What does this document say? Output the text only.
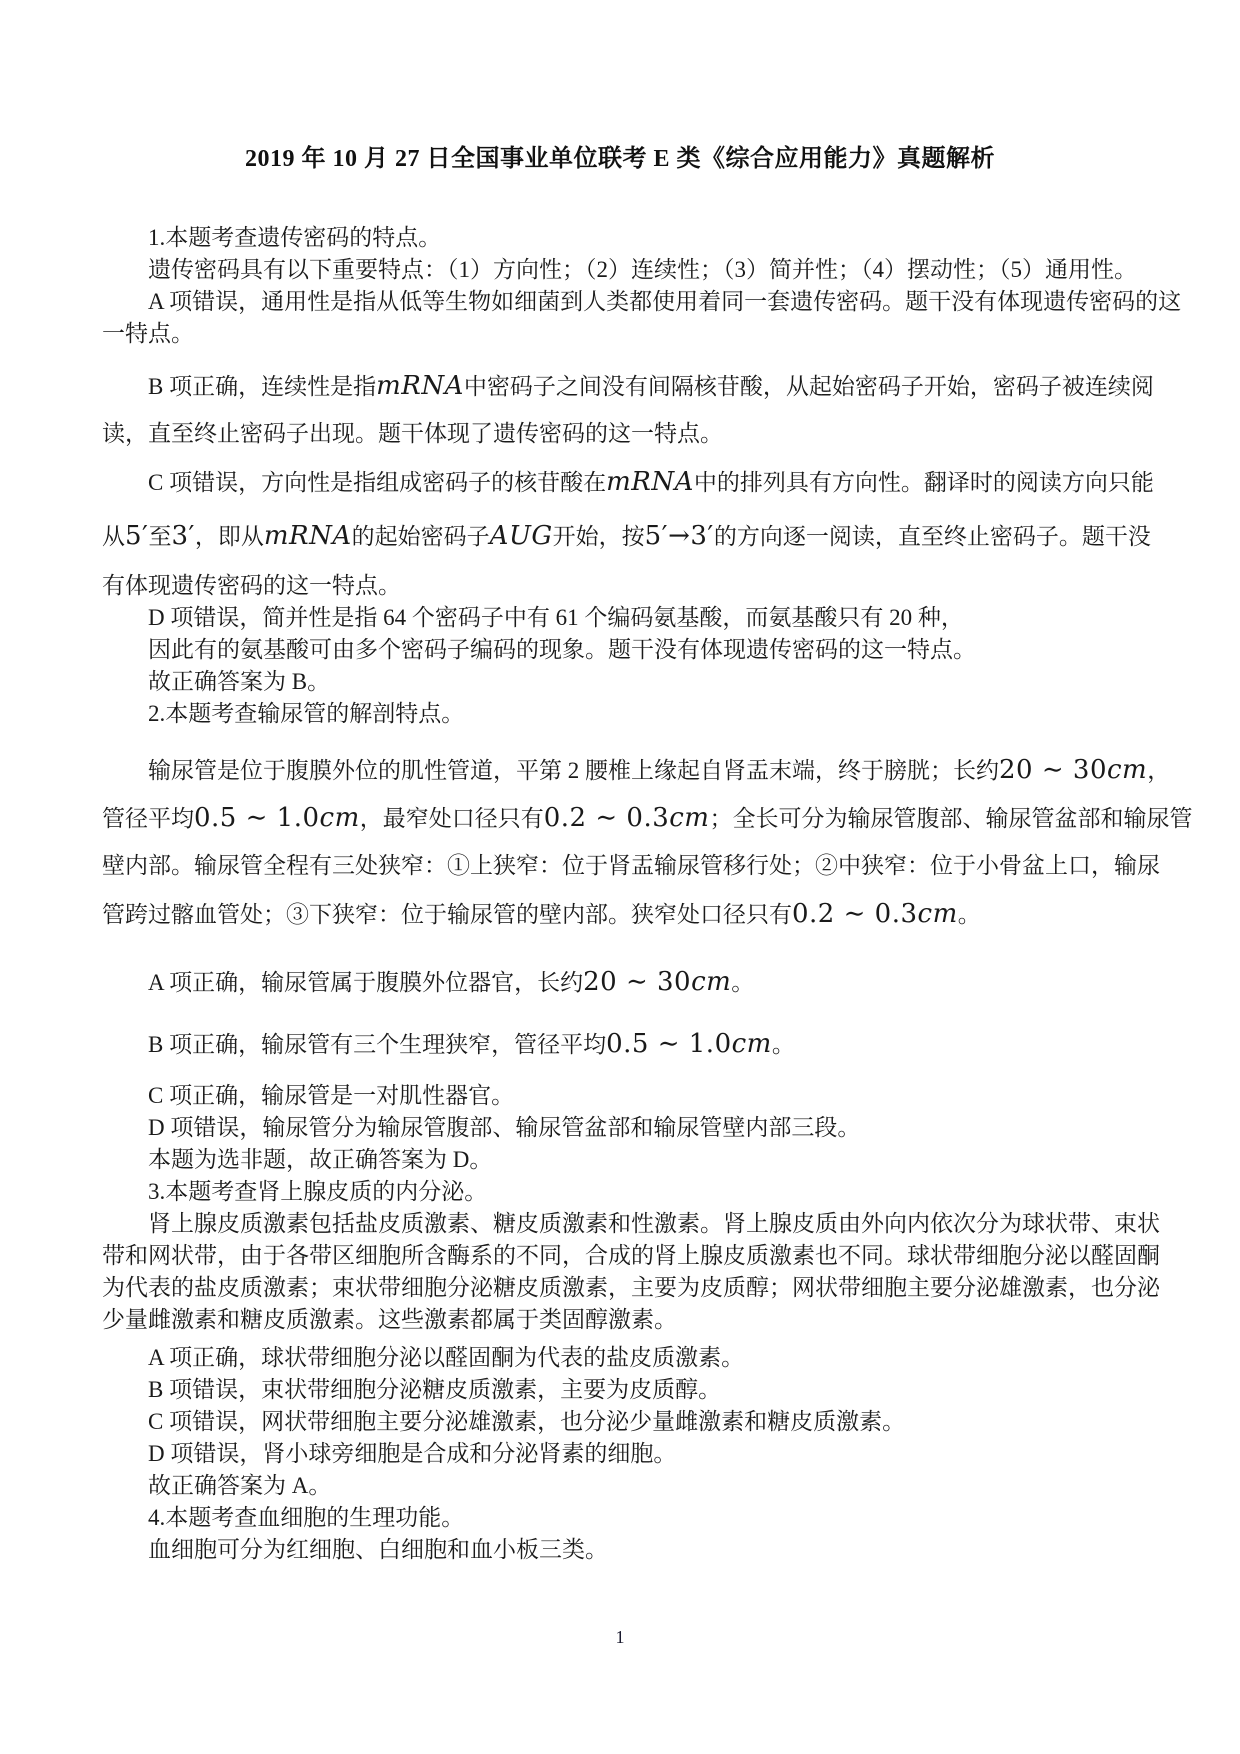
2019 年 10 月 27 日全国事业单位联考 E 类《综合应用能力》真题解析

1.本题考查遗传密码的特点。

遗传密码具有以下重要特点：（1）方向性；（2）连续性；（3）简并性；（4）摆动性；（5）通用性。

A 项错误，通用性是指从低等生物如细菌到人类都使用着同一套遗传密码。题干没有体现遗传密码的这

一特点。

B 项正确，连续性是指mRNA中密码子之间没有间隔核苷酸，从起始密码子开始，密码子被连续阅

读，直至终止密码子出现。题干体现了遗传密码的这一特点。

C 项错误，方向性是指组成密码子的核苷酸在mRNA中的排列具有方向性。翻译时的阅读方向只能

从5′至3′，即从mRNA的起始密码子AUG开始，按5′→3′的方向逐一阅读，直至终止密码子。题干没

有体现遗传密码的这一特点。

D 项错误，简并性是指 64 个密码子中有 61 个编码氨基酸，而氨基酸只有 20 种，

因此有的氨基酸可由多个密码子编码的现象。题干没有体现遗传密码的这一特点。

故正确答案为 B。

2.本题考查输尿管的解剖特点。

输尿管是位于腹膜外位的肌性管道，平第 2 腰椎上缘起自肾盂末端，终于膀胱；长约20 ∼ 30cm，

管径平均0.5 ∼ 1.0cm，最窄处口径只有0.2 ∼ 0.3cm；全长可分为输尿管腹部、输尿管盆部和输尿管

壁内部。输尿管全程有三处狭窄：①上狭窄：位于肾盂输尿管移行处；②中狭窄：位于小骨盆上口，输尿

管跨过髂血管处；③下狭窄：位于输尿管的壁内部。狭窄处口径只有0.2 ∼ 0.3cm。

A 项正确，输尿管属于腹膜外位器官，长约20 ∼ 30cm。

B 项正确，输尿管有三个生理狭窄，管径平均0.5 ∼ 1.0cm。

C 项正确，输尿管是一对肌性器官。

D 项错误，输尿管分为输尿管腹部、输尿管盆部和输尿管壁内部三段。

本题为选非题，故正确答案为 D。

3.本题考查肾上腺皮质的内分泌。

肾上腺皮质激素包括盐皮质激素、糖皮质激素和性激素。肾上腺皮质由外向内依次分为球状带、束状

带和网状带，由于各带区细胞所含酶系的不同，合成的肾上腺皮质激素也不同。球状带细胞分泌以醛固酮

为代表的盐皮质激素；束状带细胞分泌糖皮质激素，主要为皮质醇；网状带细胞主要分泌雄激素，也分泌

少量雌激素和糖皮质激素。这些激素都属于类固醇激素。

A 项正确，球状带细胞分泌以醛固酮为代表的盐皮质激素。

B 项错误，束状带细胞分泌糖皮质激素，主要为皮质醇。

C 项错误，网状带细胞主要分泌雄激素，也分泌少量雌激素和糖皮质激素。

D 项错误，肾小球旁细胞是合成和分泌肾素的细胞。

故正确答案为 A。

4.本题考查血细胞的生理功能。

血细胞可分为红细胞、白细胞和血小板三类。

1
